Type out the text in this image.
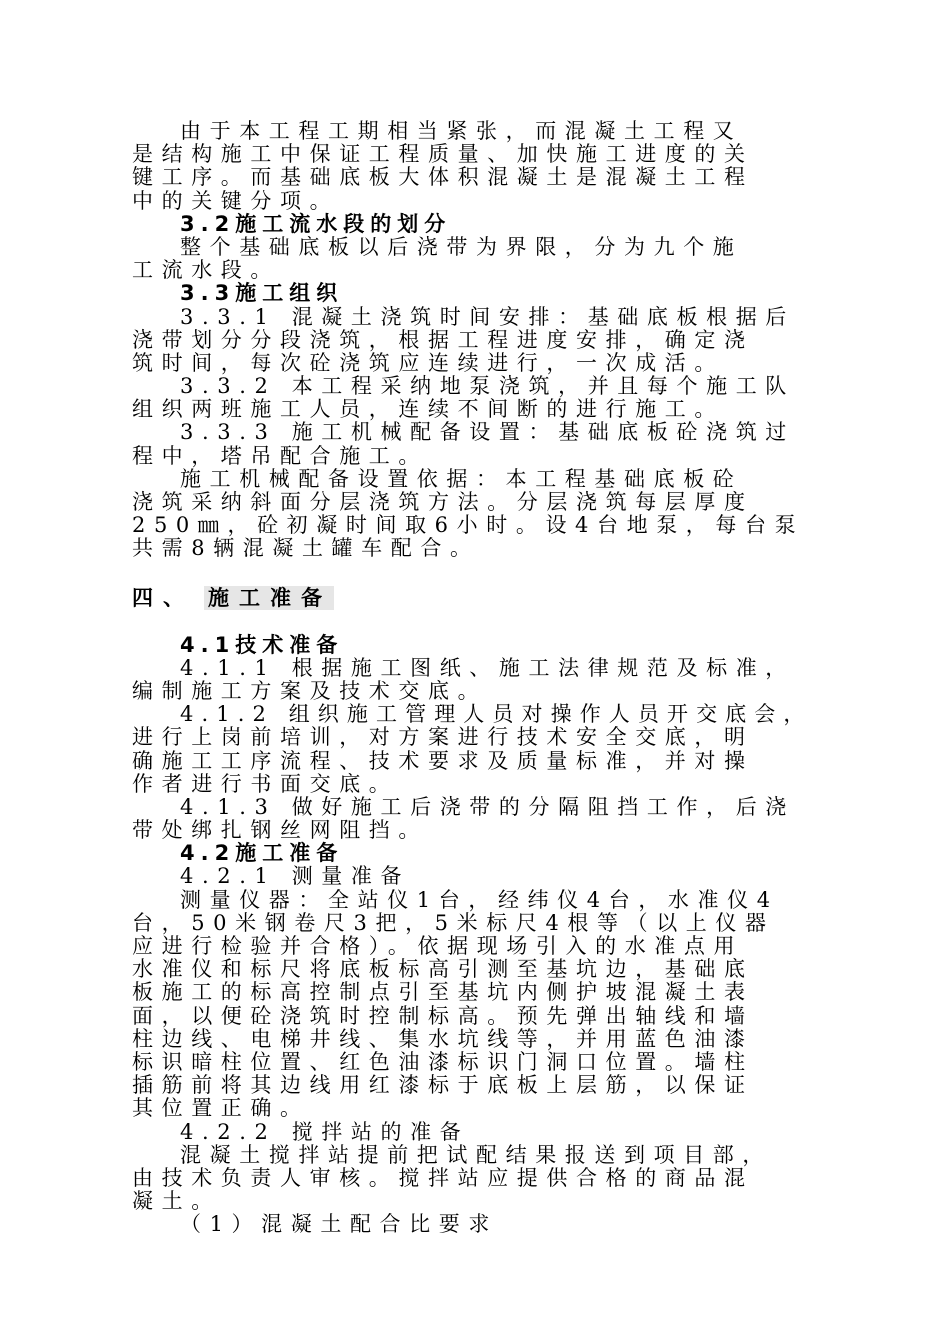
由于本工程工期相当紧张，而混凝土工程又
是结构施工中保证工程质量、加快施工进度的关
键工序。而基础底板大体积混凝土是混凝土工程
中的关键分项。
3.2施工流水段的划分
整个基础底板以后浇带为界限，分为九个施
工流水段。
3.3施工组织
3.3.1 混凝土浇筑时间安排：基础底板根据后
浇带划分分段浇筑，根据工程进度安排，确定浇
筑时间，每次砼浇筑应连续进行，一次成活。
3.3.2 本工程采纳地泵浇筑，并且每个施工队
组织两班施工人员，连续不间断的进行施工。
3.3.3 施工机械配备设置：基础底板砼浇筑过
程中，塔吊配合施工。
施工机械配备设置依据：本工程基础底板砼
浇筑采纳斜面分层浇筑方法。分层浇筑每层厚度
250㎜，砼初凝时间取6小时。设4台地泵，每台泵
共需8辆混凝土罐车配合。
四、 施工准备
4.1技术准备
4.1.1 根据施工图纸、施工法律规范及标准，
编制施工方案及技术交底。
4.1.2 组织施工管理人员对操作人员开交底会，
进行上岗前培训，对方案进行技术安全交底，明
确施工工序流程、技术要求及质量标准，并对操
作者进行书面交底。
4.1.3 做好施工后浇带的分隔阻挡工作，后浇
带处绑扎钢丝网阻挡。
4.2施工准备
4.2.1 测量准备
测量仪器：全站仪1台，经纬仪4台，水准仪4
台，50米钢卷尺3把，5米标尺4根等（以上仪器
应进行检验并合格）。依据现场引入的水准点用
水准仪和标尺将底板标高引测至基坑边，基础底
板施工的标高控制点引至基坑内侧护坡混凝土表
面，以便砼浇筑时控制标高。预先弹出轴线和墙
柱边线、电梯井线、集水坑线等，并用蓝色油漆
标识暗柱位置、红色油漆标识门洞口位置。墙柱
插筋前将其边线用红漆标于底板上层筋，以保证
其位置正确。
4.2.2 搅拌站的准备
混凝土搅拌站提前把试配结果报送到项目部，
由技术负责人审核。搅拌站应提供合格的商品混
凝土。
（1）混凝土配合比要求
